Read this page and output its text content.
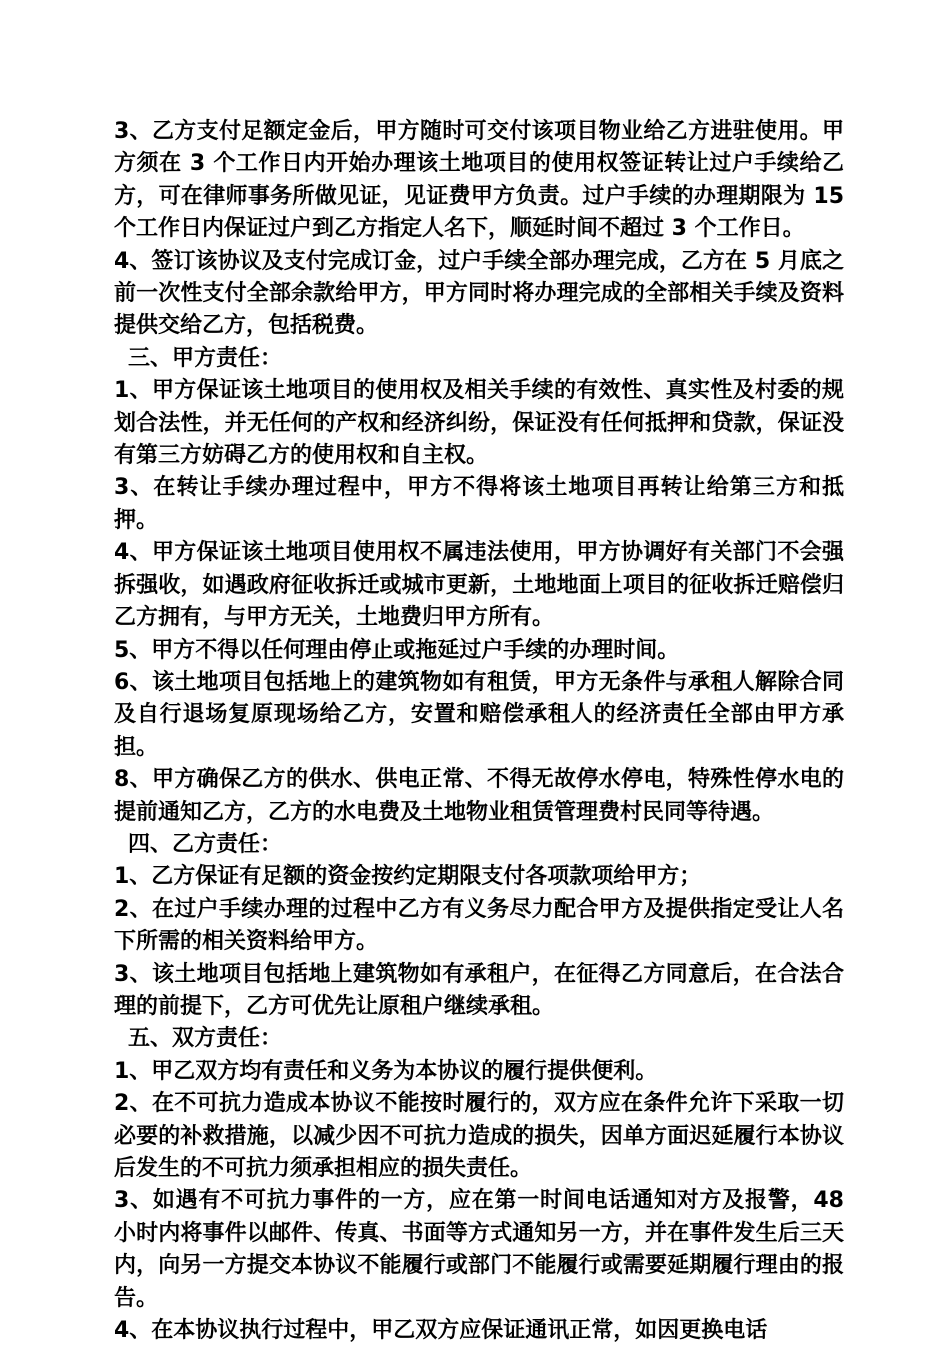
3、乙方支付足额定金后，甲方随时可交付该项目物业给乙方进驻使用。甲方须在 3 个工作日内开始办理该土地项目的使用权签证转让过户手续给乙方，可在律师事务所做见证，见证费甲方负责。过户手续的办理期限为 15 个工作日内保证过户到乙方指定人名下，顺延时间不超过 3 个工作日。

4、签订该协议及支付完成订金，过户手续全部办理完成，乙方在 5 月底之前一次性支付全部余款给甲方，甲方同时将办理完成的全部相关手续及资料提供交给乙方，包括税费。

三、甲方责任：

1、甲方保证该土地项目的使用权及相关手续的有效性、真实性及村委的规划合法性，并无任何的产权和经济纠纷，保证没有任何抵押和贷款，保证没有第三方妨碍乙方的使用权和自主权。

3、在转让手续办理过程中，甲方不得将该土地项目再转让给第三方和抵押。

4、甲方保证该土地项目使用权不属违法使用，甲方协调好有关部门不会强拆强收，如遇政府征收拆迁或城市更新，土地地面上项目的征收拆迁赔偿归乙方拥有，与甲方无关，土地费归甲方所有。

5、甲方不得以任何理由停止或拖延过户手续的办理时间。

6、该土地项目包括地上的建筑物如有租赁，甲方无条件与承租人解除合同及自行退场复原现场给乙方，安置和赔偿承租人的经济责任全部由甲方承担。

8、甲方确保乙方的供水、供电正常、不得无故停水停电，特殊性停水电的提前通知乙方，乙方的水电费及土地物业租赁管理费村民同等待遇。

四、乙方责任：

1、乙方保证有足额的资金按约定期限支付各项款项给甲方；

2、在过户手续办理的过程中乙方有义务尽力配合甲方及提供指定受让人名下所需的相关资料给甲方。

3、该土地项目包括地上建筑物如有承租户，在征得乙方同意后，在合法合理的前提下，乙方可优先让原租户继续承租。

五、双方责任：

1、甲乙双方均有责任和义务为本协议的履行提供便利。

2、在不可抗力造成本协议不能按时履行的，双方应在条件允许下采取一切必要的补救措施，以减少因不可抗力造成的损失，因单方面迟延履行本协议后发生的不可抗力须承担相应的损失责任。

3、如遇有不可抗力事件的一方，应在第一时间电话通知对方及报警，48 小时内将事件以邮件、传真、书面等方式通知另一方，并在事件发生后三天内，向另一方提交本协议不能履行或部门不能履行或需要延期履行理由的报告。

4、在本协议执行过程中，甲乙双方应保证通讯正常，如因更换电话
